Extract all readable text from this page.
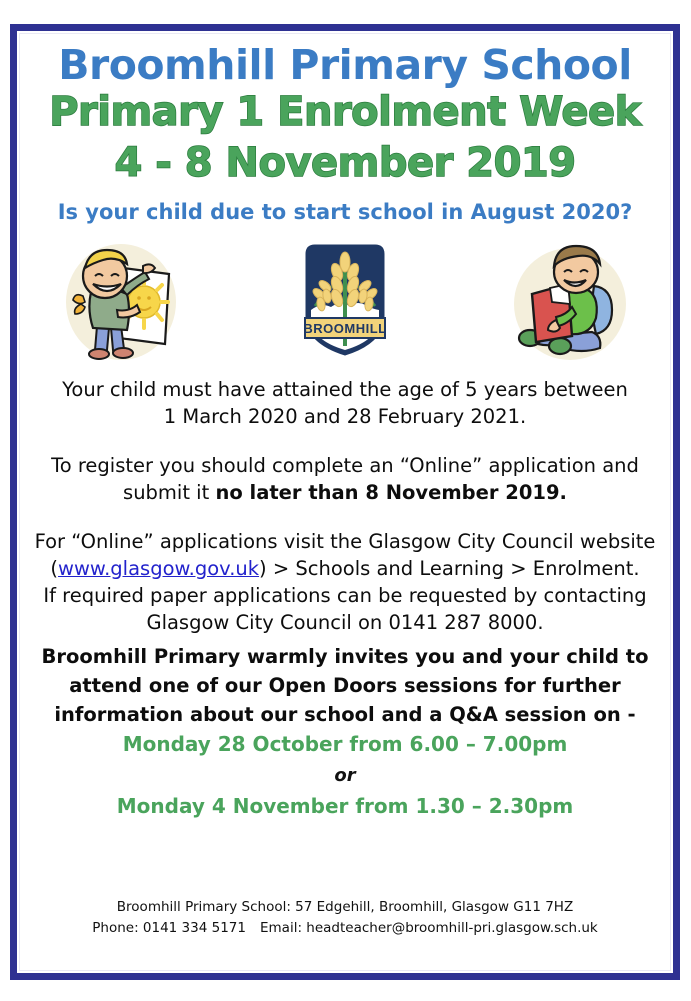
Broomhill Primary School
Primary 1 Enrolment Week
4 - 8 November 2019
Is your child due to start school in August 2020?
BROOMHILL

Your child must have attained the age of 5 years between
1 March 2020 and 28 February 2021.

To register you should complete an “Online” application and
submit it no later than 8 November 2019.

For “Online” applications visit the Glasgow City Council website
(www.glasgow.gov.uk) > Schools and Learning > Enrolment.
If required paper applications can be requested by contacting
Glasgow City Council on 0141 287 8000.

Broomhill Primary warmly invites you and your child to
attend one of our Open Doors sessions for further
information about our school and a Q&A session on -
Monday 28 October from 6.00 – 7.00pm
or
Monday 4 November from 1.30 – 2.30pm
Broomhill Primary School: 57 Edgehill, Broomhill, Glasgow G11 7HZ
Phone: 0141 334 5171 Email: headteacher@broomhill-pri.glasgow.sch.uk
